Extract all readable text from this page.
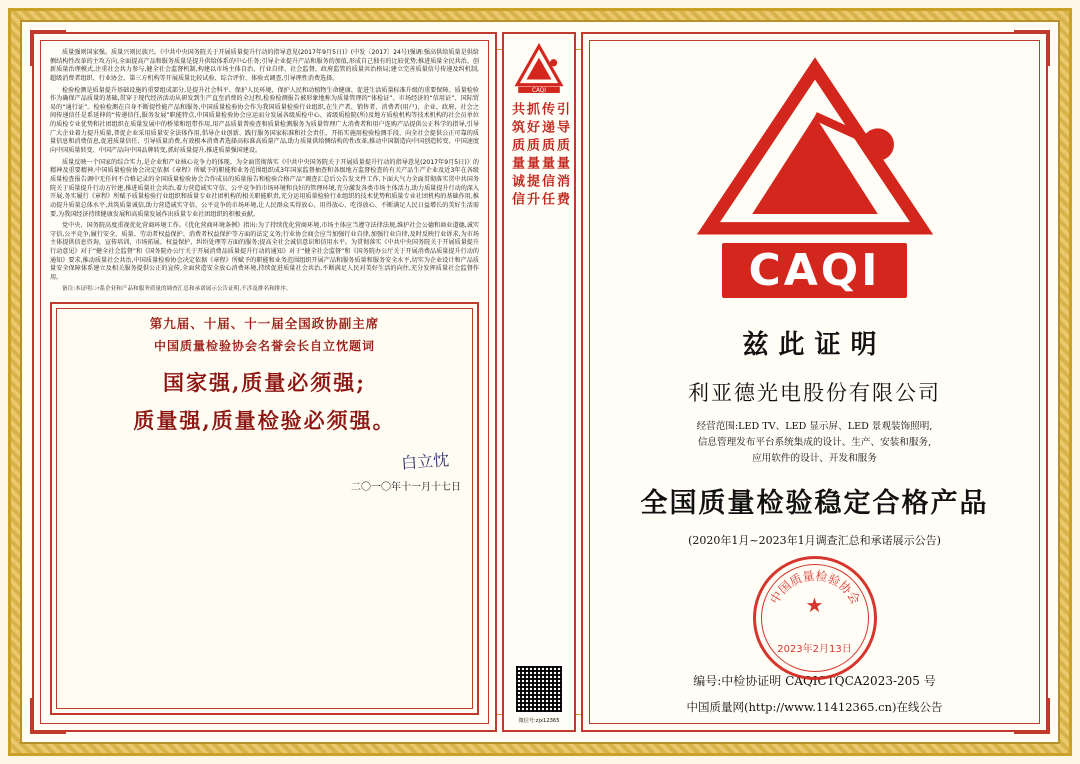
质量强则国家强。质量兴则民族兴。《中共中央国务院关于开展质量提升行动的指导意见(2017年9月5日)》(中发〔2017〕24号)强调:强高供给质量是供给侧结构性改革的主攻方向,全面提高产品和服务质量是提升供给体系的中心任务;引导企业提升产品和服务的加值,形成自己独有的比较优势;推进质量全民共治、创新质量治理模式,注重社会共力参与,健全社会监督机制,构建以市场主体自治、行业自律、社会监督、政府监管的质量共治格局;建立完善质量信号传递及纠机制,超级消费者组织、行业协会、第三方机构等开展质量比较试验、综合评价、体验式调查,引导理性消费选择。

检验检测是质量提升基础设施的重要组成部分,是提升社会科平、保护人民环境、保护人民和动植物生命健康、促进生活质量标准升级的重要保障。质量检验作为确保产品质量的基础,贯穿于现代经济活动从研发到生产直至消费的全过程,检验检测报告被形象地称为质量管理的“体检证”、市场经济的“信用证”、国际贸易的“通行证”。检验检测在自身不断提性能产品和服务,中国质量检验协会作为我国质量检验行业组织,在生产者、销售者、消费者(用户)、企业、政府、社会之间传递信任是系延伸的“传递信任,服务发展”职能特点,中国质量检验协会应运而分发展各级质检中心、省级质检院(所)及地方质检机构等技术机构的社会员单位的质检专业优势和社团组织在质量发展中的桥梁和纽带作用,用产品质量普验查和质量检测服务为质量管理广大消费者和用户连购产品提供公正科学的指导,引导广大企业着力提升质量,普促企业采用质量安全法体作用,倡导企业创新、践行服务国家标准和社会责任、开拓实施用检验检测手段、向全社会提供公正可靠的质量信息和消费信息,促进质量信任、引导质量消费,有效根本消费者选择高标准高质量产品,助力质量供给侧结构的性改革,推动中国制造向中国创造转变、中国速度向中国质量转变、中国产品向中国品牌转变,抓好质量提升,推进质量强国建设。

质量反映一个国家的综合实力,是企业和产业核心竞争力的体现。为全面贯彻落实《中共中央国务院关于开展质量提升行动的指导意见(2017年9月5日)》的精神及重要精神,中国质量检验协会决定依据《章程》所赋予的职能和业务范围组织成3年国家监督抽查和各级地方监督检查的有关产品生产企业及近3年在各级质量检查报告调中无任何不合格记录的全国质量检验协会合作成员的质量报告和检验合格产品”调查汇总后公告发文件工作,下面大气力全面贯彻落实贯中共国务院关于质量提升行动方针建,推进质量社会共治,着力营造诚实守信、公平竞争的市场环境和良好的管理环境,充分激发各类市场主体活力,助力质量提升行动的深入开展,务实履行《章程》所赋予质量检验行业组织和质量专业社团机构的相关职能职责,充分运用质量检验行业组织的技术优势和质量专业社团机构的基础作用,推动提升质量总体水平,共筑质量诚信,助力营造诚实守信、公平竞争的市场环境,让人民群众买得放心、用得放心、吃得放心、不断满足人民日益增长的美好生活需要,为我国经济持续健康发展和高质量发展作出质量专业社团组织的积极贡献。

党中央、国务院高度重视优化营商环境工作。《优化营商环境条例》指出:为了持续优化营商环境,市场主体应当遵守法律法规,维护社会公德和商业道德,诚实守信,公平竞争,履行安全、质量、劳动者权益保护、消费者权益保护等方面的法定义务;行业协会商会应当加强行业自律,加强行业自律,及时反映行业诉求,为市场主体提供信息咨询、宣传培训、市场拓展、权益保护、纠纷处理等方面的服务;提高全社会诚信意识和信用水平。为贯彻落实《中共中央国务院关于开展质量提升行动意见》对于“健全社会监督”和《国务院办公厅关于开展消费品质量提升行动的通知》对于“健全社会监督”和《国务院办公厅关于开展消费品质量提升行动的通知》要求,推动质量社会共治,中国质量检验协会决定依据《章程》所赋予的职能和业务范围组织开展产品和服务质量和服务安全水平,切实为企业设计和产品质量安全保障体系建立及相关服务提供公正的宣传,全面营造安全放心消费环境,持续促进质量社会共治,不断满足人民对美好生活的向往,充分发挥质量社会监督作用。

备注:本证明ং系企业和产品和服务质量的调查汇总和承诺展示公告证明,不涉及排名和排序。

第九届、十届、十一届全国政协副主席
中国质量检验协会名誉会长自立忱题词
国家强,质量必须强;
质量强,质量检验必须强。
白立忱
二〇一〇年十一月十七日
CAQI
引导质量消费
传递质量信任
抓好质量提升
共筑质量诚信
微信号:zjx12365
CAQI
兹此证明
利亚德光电股份有限公司
经营范围:LED TV、LED 显示屏、LED 景观装饰照明,
信息管理发布平台系统集成的设计、生产、安装和服务,
应用软件的设计、开发和服务
全国质量检验稳定合格产品
(2020年1月~2023年1月调查汇总和承诺展示公告)
★
中国质量检验协会
2023年2月13日
编号:中检协证明 CAQICTQCA2023-205 号
中国质量网(http://www.11412365.cn)在线公告
